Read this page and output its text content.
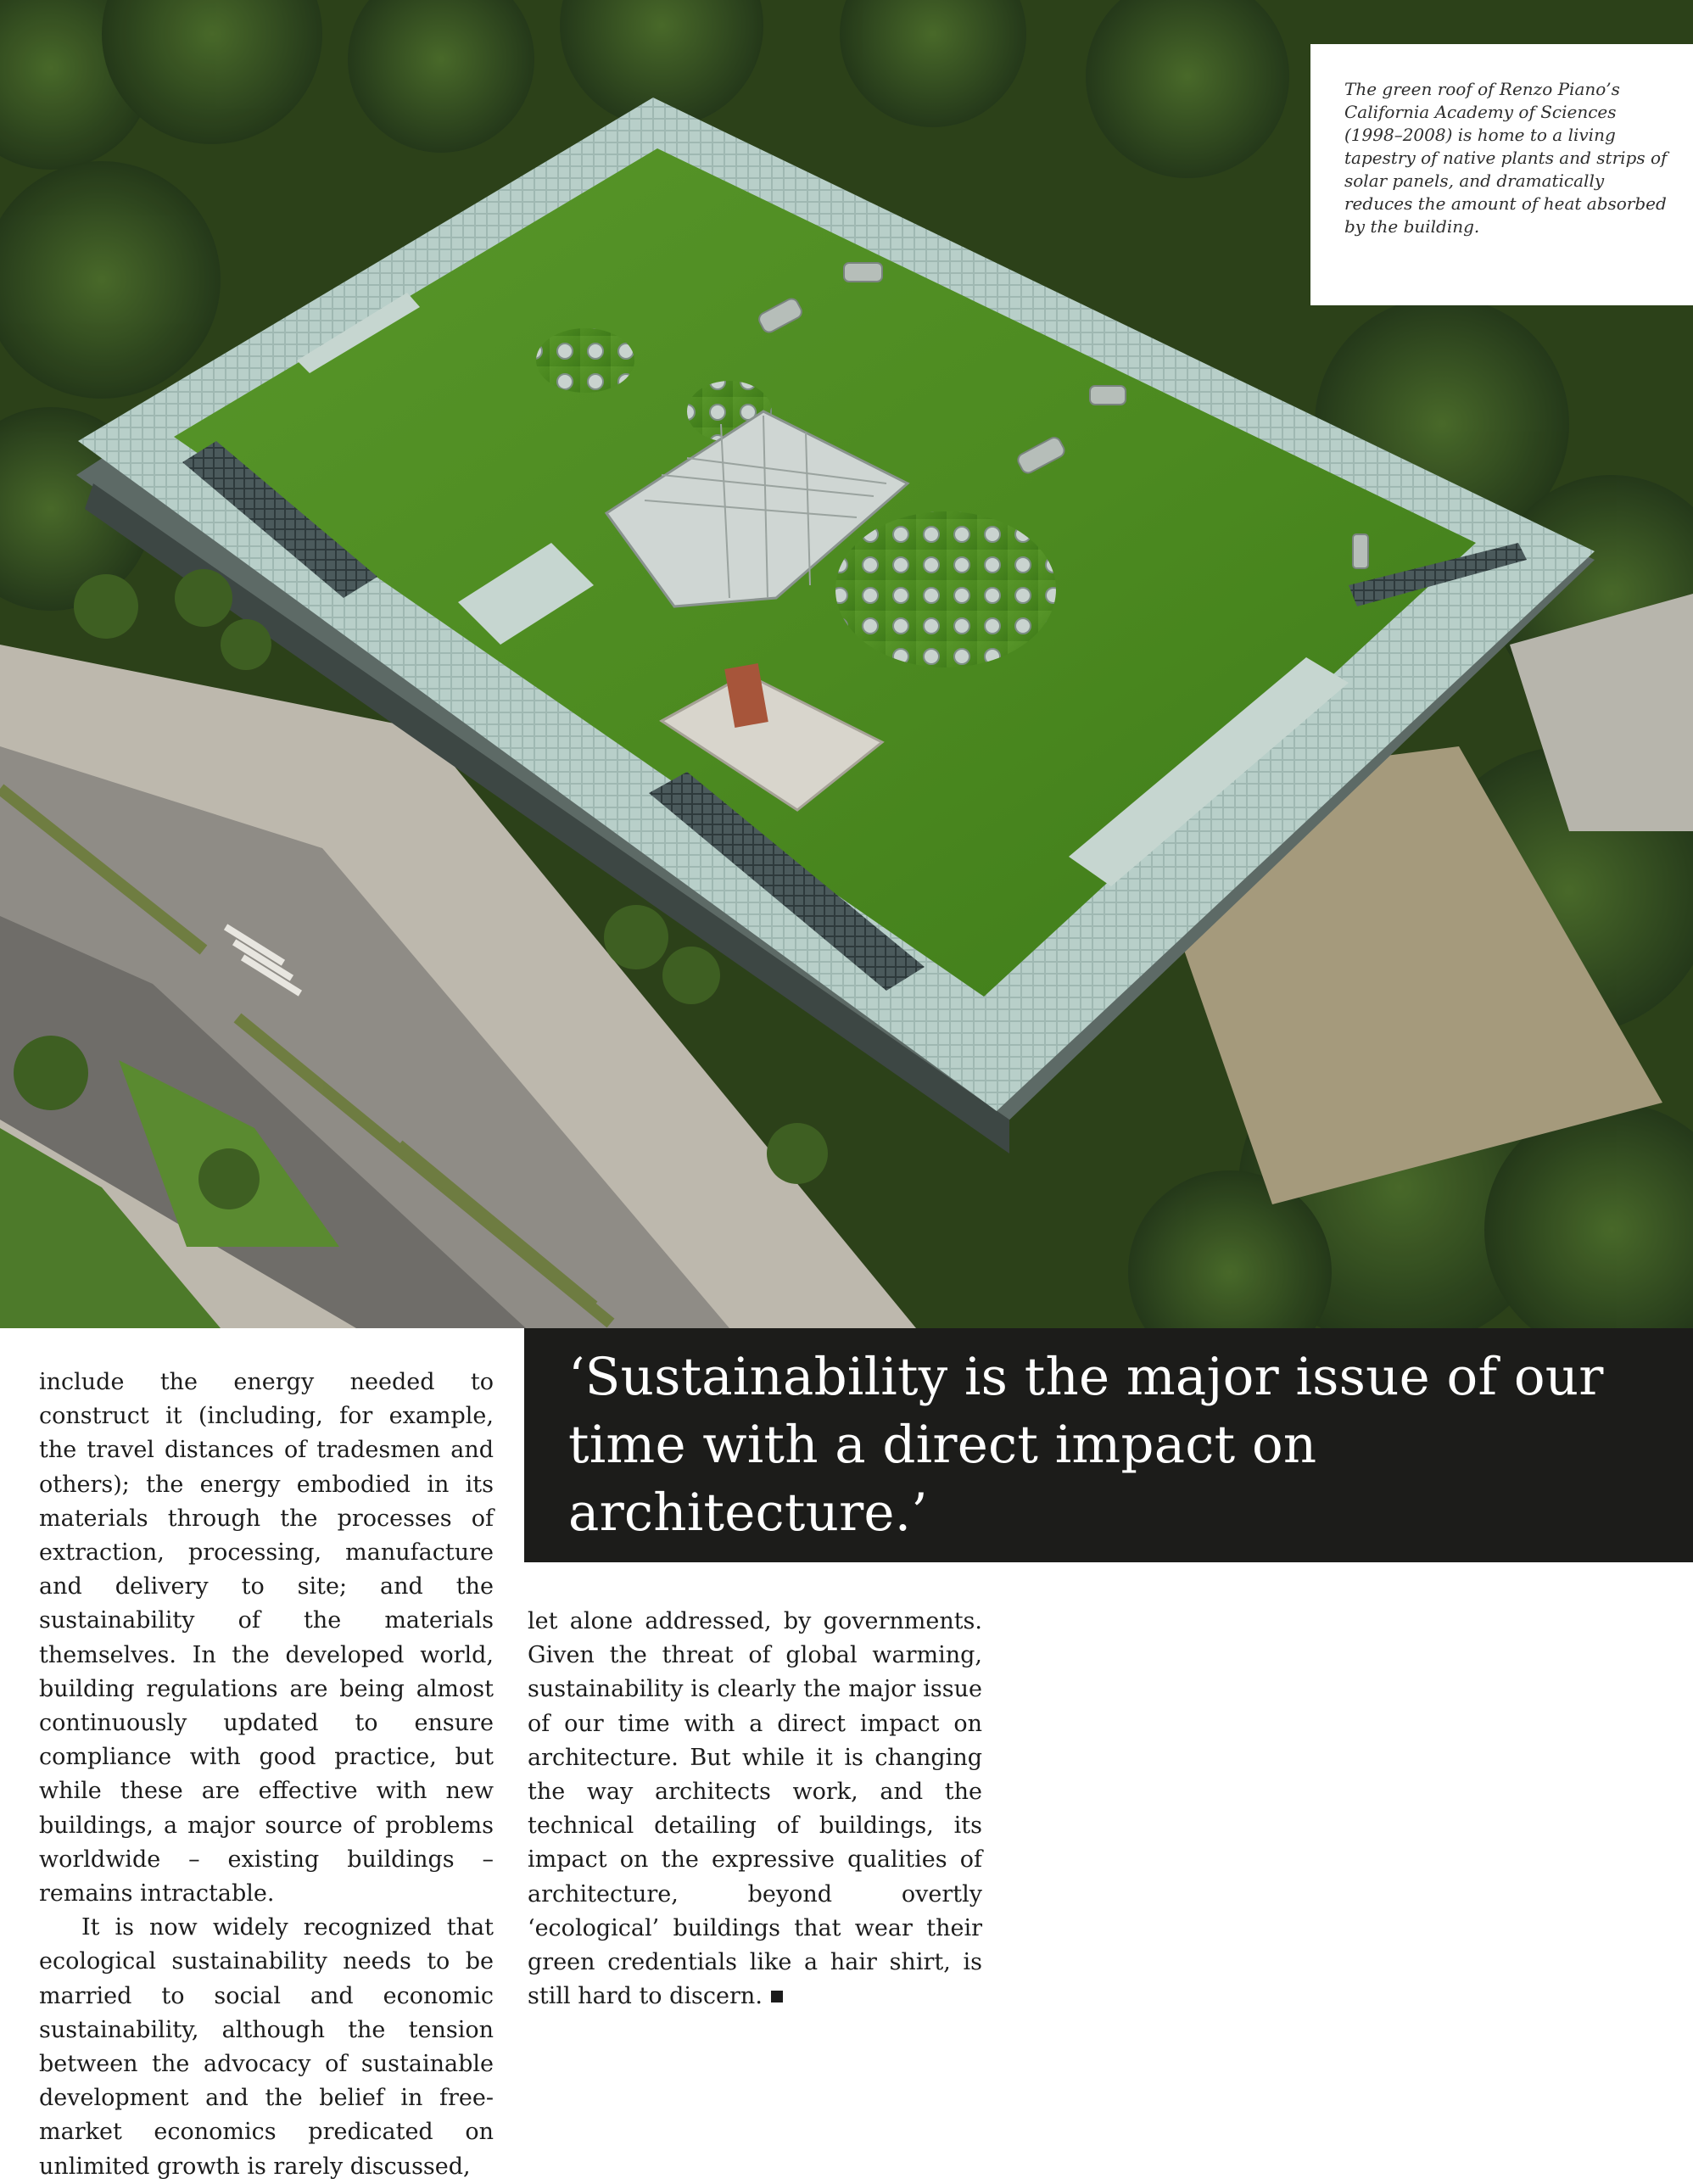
The green roof of Renzo Piano’s California Academy of Sciences (1998–2008) is home to a living tapestry of native plants and strips of solar panels, and dramatically reduces the amount of heat absorbed by the building.
‘Sustainability is the major issue of our time with a direct impact on architecture.’

include the energy needed to construct it (including, for example, the travel distances of tradesmen and others); the energy embodied in its materials through the processes of extraction, processing, manufacture and delivery to site; and the sustainability of the materials themselves. In the developed world, building regulations are being almost continuously updated to ensure compliance with good practice, but while these are effective with new buildings, a major source of problems worldwide – existing buildings – remains intractable.

It is now widely recognized that ecological sustainability needs to be married to social and economic sustainability, although the tension between the advocacy of sustainable development and the belief in free-market economics predicated on unlimited growth is rarely discussed,

let alone addressed, by governments. Given the threat of global warming, sustainability is clearly the major issue of our time with a direct impact on architecture. But while it is changing the way architects work, and the technical detailing of buildings, its impact on the expressive qualities of architecture, beyond overtly ‘ecological’ buildings that wear their green credentials like a hair shirt, is still hard to discern.
